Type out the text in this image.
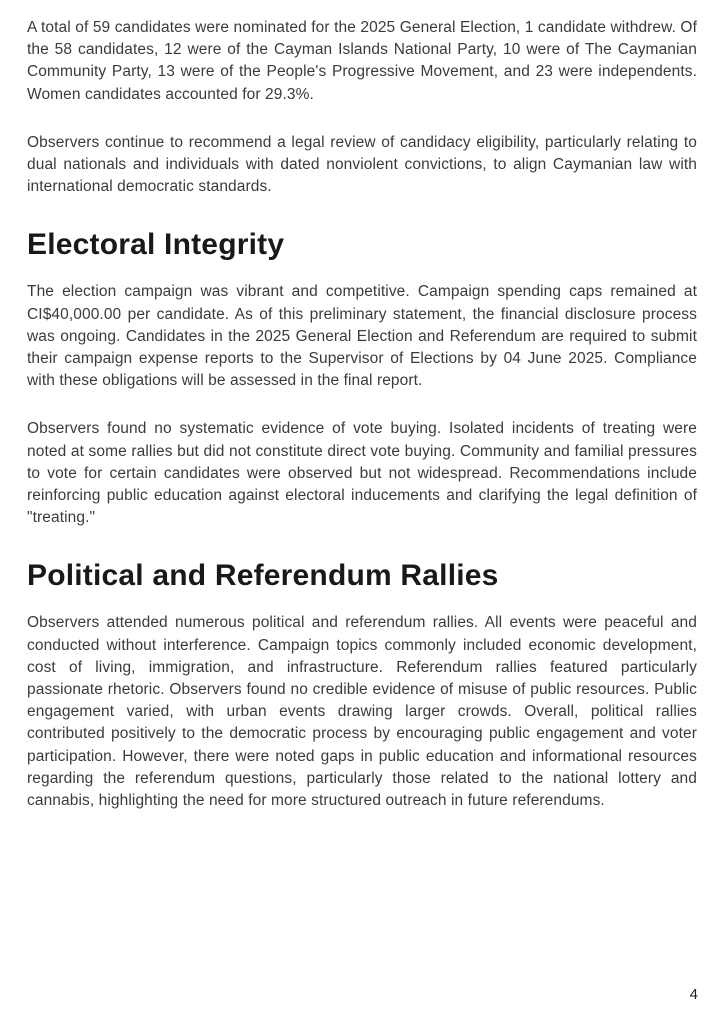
A total of 59 candidates were nominated for the 2025 General Election, 1 candidate withdrew. Of the 58 candidates, 12 were of the Cayman Islands National Party, 10 were of The Caymanian Community Party, 13 were of the People's Progressive Movement, and 23 were independents. Women candidates accounted for 29.3%.

Observers continue to recommend a legal review of candidacy eligibility, particularly relating to dual nationals and individuals with dated nonviolent convictions, to align Caymanian law with international democratic standards.

Electoral Integrity

The election campaign was vibrant and competitive. Campaign spending caps remained at CI$40,000.00 per candidate. As of this preliminary statement, the financial disclosure process was ongoing. Candidates in the 2025 General Election and Referendum are required to submit their campaign expense reports to the Supervisor of Elections by 04 June 2025. Compliance with these obligations will be assessed in the final report.

Observers found no systematic evidence of vote buying. Isolated incidents of treating were noted at some rallies but did not constitute direct vote buying. Community and familial pressures to vote for certain candidates were observed but not widespread. Recommendations include reinforcing public education against electoral inducements and clarifying the legal definition of "treating."

Political and Referendum Rallies

Observers attended numerous political and referendum rallies. All events were peaceful and conducted without interference. Campaign topics commonly included economic development, cost of living, immigration, and infrastructure. Referendum rallies featured particularly passionate rhetoric. Observers found no credible evidence of misuse of public resources. Public engagement varied, with urban events drawing larger crowds. Overall, political rallies contributed positively to the democratic process by encouraging public engagement and voter participation. However, there were noted gaps in public education and informational resources regarding the referendum questions, particularly those related to the national lottery and cannabis, highlighting the need for more structured outreach in future referendums.

4
